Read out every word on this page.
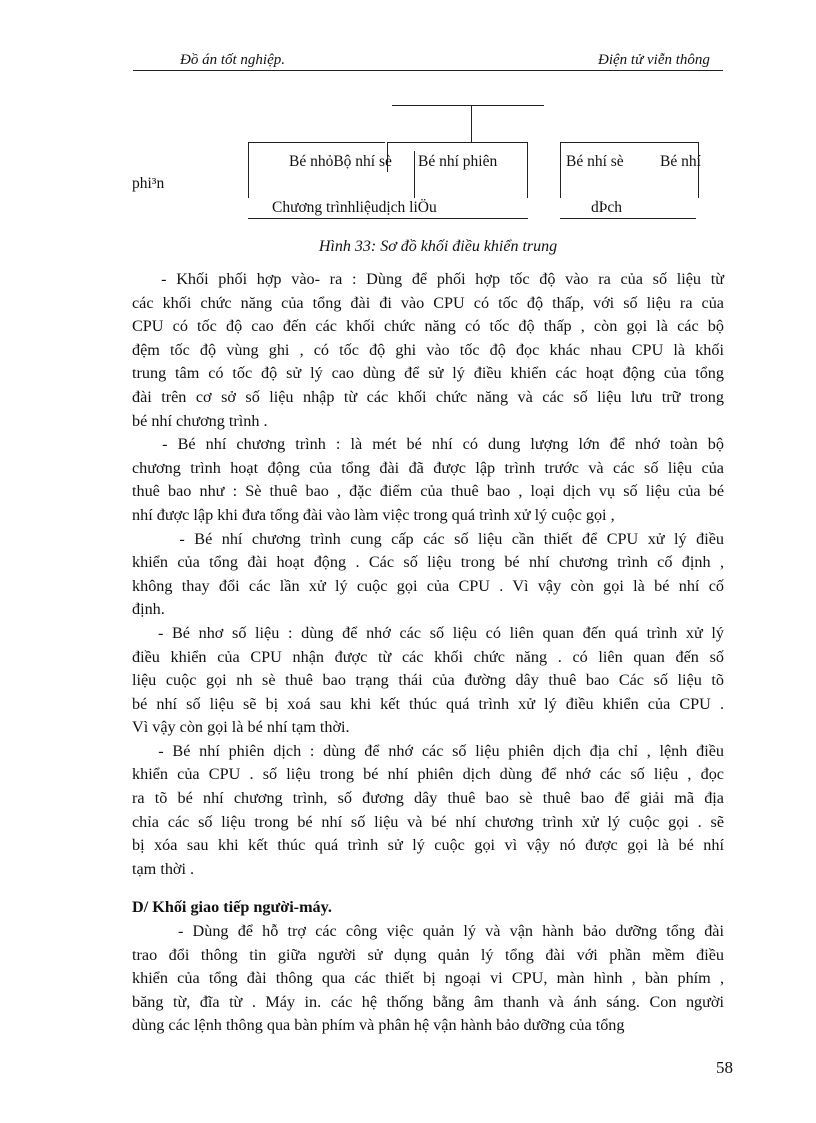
Đồ án tốt nghiệp.	Điện tử viễn thông
phi³n
Bé nhỏBộ nhí sè Bé nhí phiên
Chương trìnhliệudịch liÖu
Bé nhí sè Bé nhí
dÞch
Hình 33: Sơ đồ khối điều khiển trung
- Khối phối hợp vào- ra : Dùng để phối hợp tốc độ vào ra của số liệu từ
các khối chức năng của tổng đài đi vào CPU có tốc độ thấp, với số liệu ra của
CPU có tốc độ cao đến các khối chức năng có tốc độ thấp , còn gọi là các bộ
đệm tốc độ vùng ghi , có tốc độ ghi vào tốc độ đọc khác nhau CPU là khối
trung tâm có tốc độ sử lý cao dùng để sử lý điều khiển các hoạt động của tổng
đài trên cơ sở số liệu nhập từ các khối chức năng và các số liệu lưu trữ trong
bé nhí chương trình .
- Bé nhí chương trình : là mét bé nhí có dung lượng lớn để nhớ toàn bộ
chương trình hoạt động của tổng đài đã được lập trình trước và các số liệu của
thuê bao như : Sè thuê bao , đặc điểm của thuê bao , loại dịch vụ số liệu của bé
nhí được lập khi đưa tổng đài vào làm việc trong quá trình xử lý cuộc gọi ,
- Bé nhí chương trình cung cấp các số liệu cần thiết để CPU xử lý điều
khiển của tổng đài hoạt động . Các số liệu trong bé nhí chương trình cố định ,
không thay đổi các lần xử lý cuộc gọi của CPU . Vì vậy còn gọi là bé nhí cố
định.
- Bé nhơ số liệu : dùng để nhớ các số liệu có liên quan đến quá trình xử lý
điều khiển của CPU nhận được từ các khối chức năng . có liên quan đến số
liệu cuộc gọi nh sè thuê bao trạng thái của đường dây thuê bao Các số liệu tõ
bé nhí số liệu sẽ bị xoá sau khi kết thúc quá trình xử lý điều khiển của CPU .
Vì vậy còn gọi là bé nhí tạm thời.
- Bé nhí phiên dịch : dùng để nhớ các số liệu phiên dịch địa chỉ , lệnh điều
khiển của CPU . số liệu trong bé nhí phiên dịch dùng để nhớ các số liệu , đọc
ra tõ bé nhí chương trình, số đương dây thuê bao sè thuê bao để giải mã địa
chỉa các số liệu trong bé nhí số liệu và bé nhí chương trình xử lý cuộc gọi . sẽ
bị xóa sau khi kết thúc quá trình sử lý cuộc gọi vì vậy nó được gọi là bé nhí
tạm thời .
D/ Khối giao tiếp người-máy.
- Dùng để hỗ trợ các công việc quản lý và vận hành bảo dưỡng tổng đài
trao đổi thông tin giữa người sử dụng quản lý tổng đài với phần mềm điều
khiển của tổng đài thông qua các thiết bị ngoại vi CPU, màn hình , bàn phím ,
băng từ, đĩa từ . Máy in. các hệ thống bằng âm thanh và ánh sáng. Con người
dùng các lệnh thông qua bàn phím và phân hệ vận hành bảo dưỡng của tổng
58
